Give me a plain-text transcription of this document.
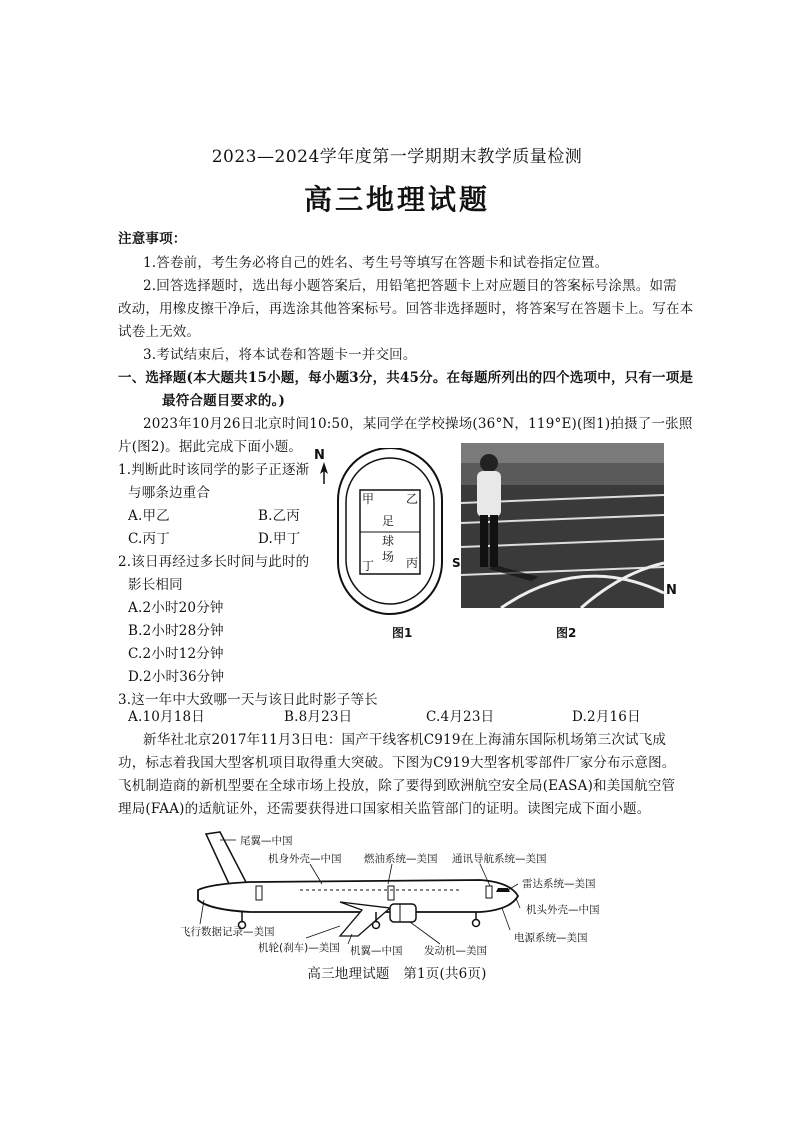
2023—2024学年度第一学期期末教学质量检测
高三地理试题
注意事项：
1.答卷前，考生务必将自己的姓名、考生号等填写在答题卡和试卷指定位置。
2.回答选择题时，选出每小题答案后，用铅笔把答题卡上对应题目的答案标号涂黑。如需
改动，用橡皮擦干净后，再选涂其他答案标号。回答非选择题时，将答案写在答题卡上。写在本
试卷上无效。
3.考试结束后，将本试卷和答题卡一并交回。
一、选择题(本大题共15小题，每小题3分，共45分。在每题所列出的四个选项中，只有一项是
最符合题目要求的。)
2023年10月26日北京时间10:50，某同学在学校操场(36°N，119°E)(图1)拍摄了一张照
片(图2)。据此完成下面小题。
1.判断此时该同学的影子正逐渐
与哪条边重合
A.甲乙	B.乙丙
C.丙丁	D.甲丁
2.该日再经过多长时间与此时的
影长相同
A.2小时20分钟
B.2小时28分钟
C.2小时12分钟
D.2小时36分钟
N
S
甲	乙
丙
丁
足
球
场
图1
N
图2
3.这一年中大致哪一天与该日此时影子等长
A.10月18日	B.8月23日	C.4月23日	D.2月16日
新华社北京2017年11月3日电：国产干线客机C919在上海浦东国际机场第三次试飞成
功，标志着我国大型客机项目取得重大突破。下图为C919大型客机零部件厂家分布示意图。
飞机制造商的新机型要在全球市场上投放，除了要得到欧洲航空安全局(EASA)和美国航空管
理局(FAA)的适航证外，还需要获得进口国家相关监管部门的证明。读图完成下面小题。
尾翼—中国
机身外壳—中国 燃油系统—美国 通讯导航系统—美国
雷达系统—美国
机头外壳—中国
电源系统—美国
飞行数据记录—美国
机轮(刹车)—美国 机翼—中国 发动机—美国
高三地理试题　第1页(共6页)
